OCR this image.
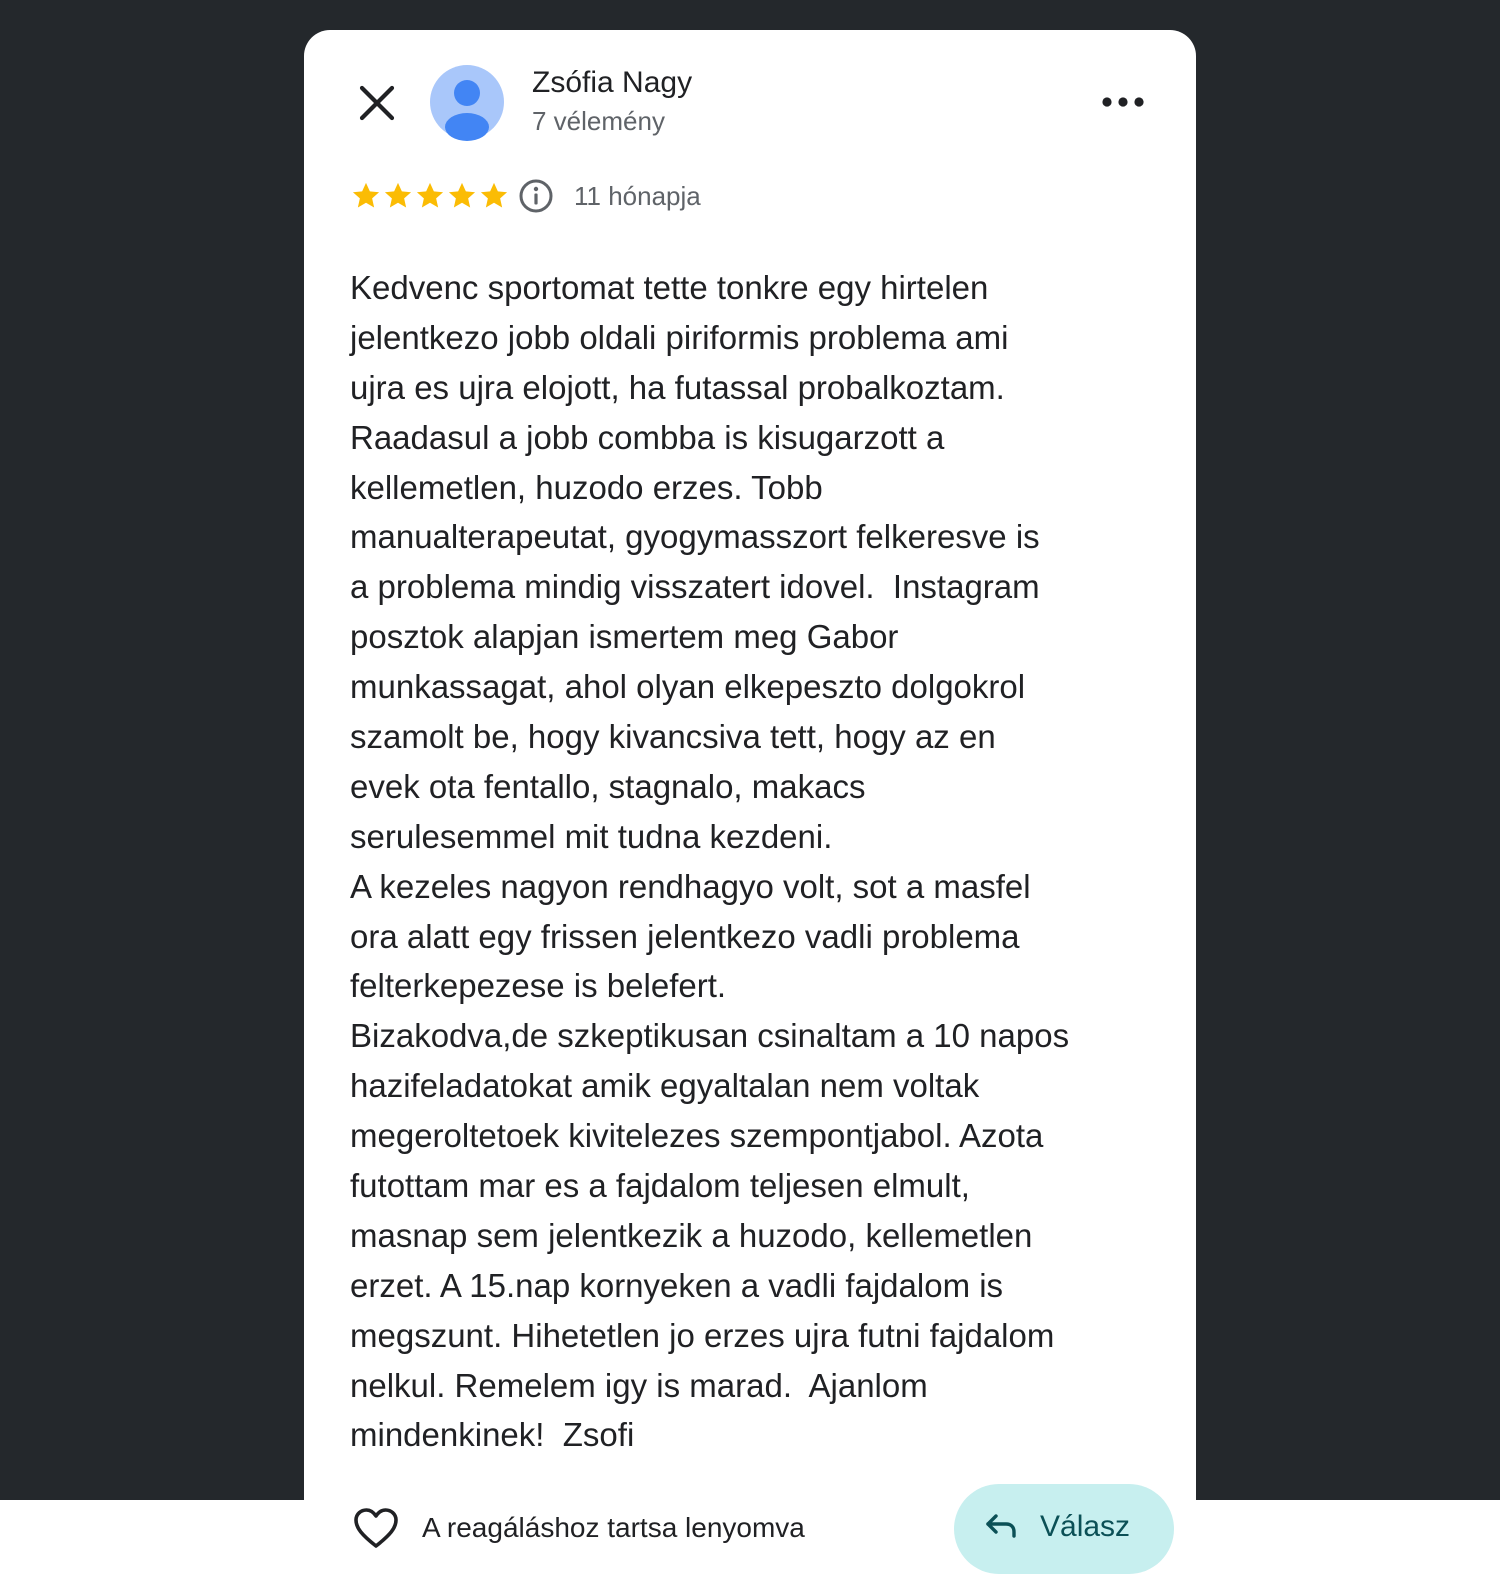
Zsófia Nagy
7 vélemény
11 hónapja
Kedvenc sportomat tette tonkre egy hirtelen
jelentkezo jobb oldali piriformis problema ami
ujra es ujra elojott, ha futassal probalkoztam.
Raadasul a jobb combba is kisugarzott a
kellemetlen, huzodo erzes. Tobb
manualterapeutat, gyogymasszort felkeresve is
a problema mindig visszatert idovel.  Instagram
posztok alapjan ismertem meg Gabor
munkassagat, ahol olyan elkepeszto dolgokrol
szamolt be, hogy kivancsiva tett, hogy az en
evek ota fentallo, stagnalo, makacs
serulesemmel mit tudna kezdeni.
A kezeles nagyon rendhagyo volt, sot a masfel
ora alatt egy frissen jelentkezo vadli problema
felterkepezese is belefert.
Bizakodva,de szkeptikusan csinaltam a 10 napos
hazifeladatokat amik egyaltalan nem voltak
megeroltetoek kivitelezes szempontjabol. Azota
futottam mar es a fajdalom teljesen elmult,
masnap sem jelentkezik a huzodo, kellemetlen
erzet. A 15.nap kornyeken a vadli fajdalom is
megszunt. Hihetetlen jo erzes ujra futni fajdalom
nelkul. Remelem igy is marad.  Ajanlom
mindenkinek!  Zsofi
A reagáláshoz tartsa lenyomva	Válasz
